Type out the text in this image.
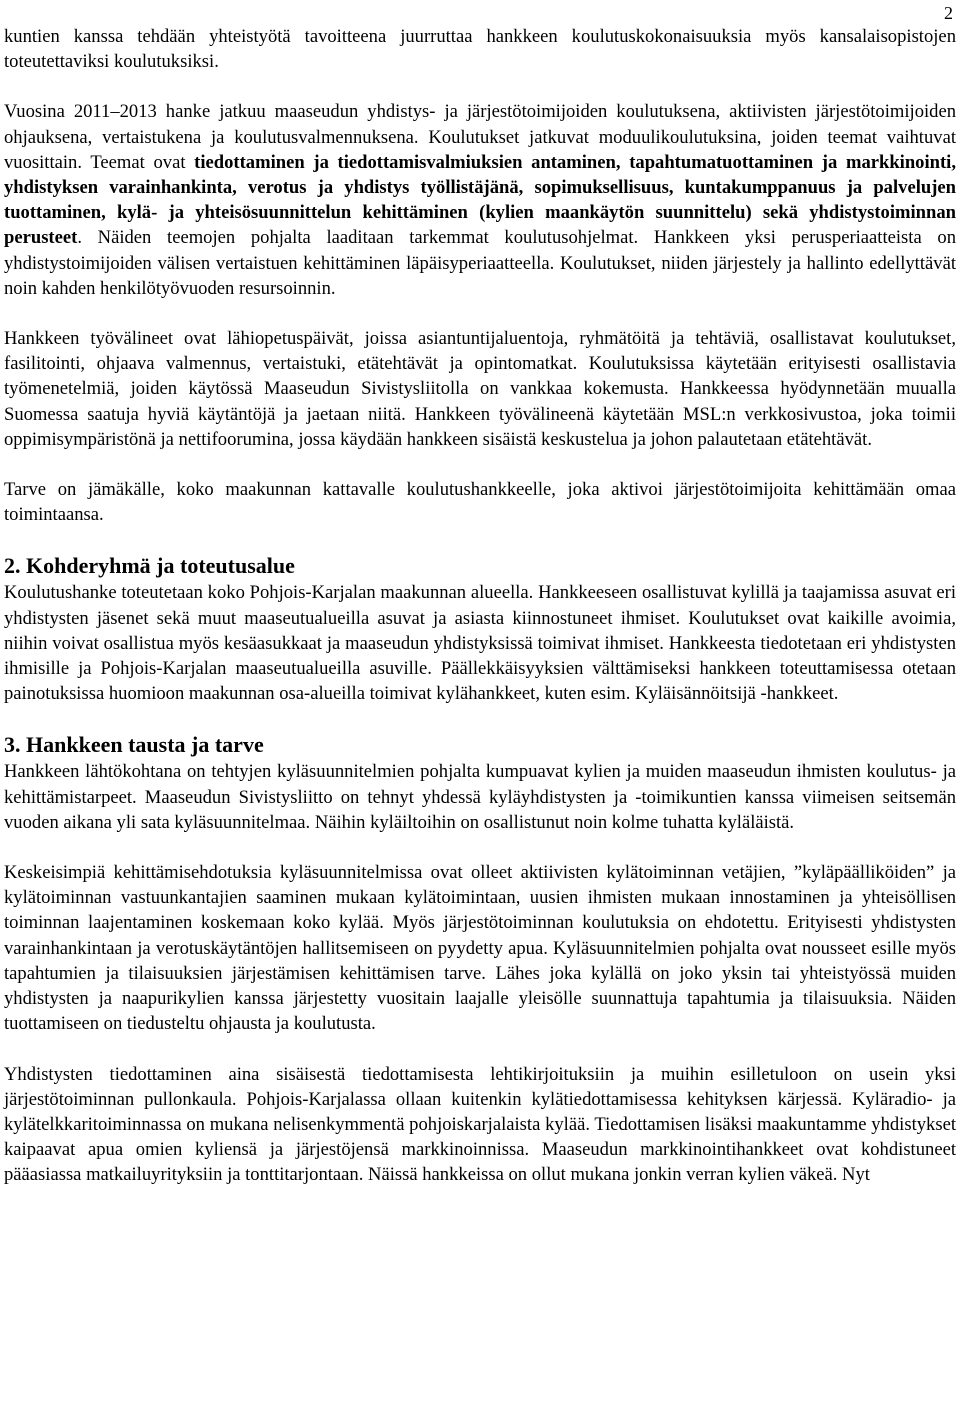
2

kuntien kanssa tehdään yhteistyötä tavoitteena juurruttaa hankkeen koulutuskokonaisuuksia myös kansalaisopistojen toteutettaviksi koulutuksiksi.

Vuosina 2011–2013 hanke jatkuu maaseudun yhdistys- ja järjestötoimijoiden koulutuksena, aktiivisten järjestötoimijoiden ohjauksena, vertaistukena ja koulutusvalmennuksena. Koulutukset jatkuvat moduulikoulutuksina, joiden teemat vaihtuvat vuosittain. Teemat ovat tiedottaminen ja tiedottamisvalmiuksien antaminen, tapahtumatuottaminen ja markkinointi, yhdistyksen varainhankinta, verotus ja yhdistys työllistäjänä, sopimuksellisuus, kuntakumppanuus ja palvelujen tuottaminen, kylä- ja yhteisösuunnittelun kehittäminen (kylien maankäytön suunnittelu) sekä yhdistystoiminnan perusteet. Näiden teemojen pohjalta laaditaan tarkemmat koulutusohjelmat. Hankkeen yksi perusperiaatteista on yhdistystoimijoiden välisen vertaistuen kehittäminen läpäisyperiaatteella. Koulutukset, niiden järjestely ja hallinto edellyttävät noin kahden henkilötyövuoden resursoinnin.

Hankkeen työvälineet ovat lähiopetuspäivät, joissa asiantuntijaluentoja, ryhmätöitä ja tehtäviä, osallistavat koulutukset, fasilitointi, ohjaava valmennus, vertaistuki, etätehtävät ja opintomatkat. Koulutuksissa käytetään erityisesti osallistavia työmenetelmiä, joiden käytössä Maaseudun Sivistysliitolla on vankkaa kokemusta. Hankkeessa hyödynnetään muualla Suomessa saatuja hyviä käytäntöjä ja jaetaan niitä. Hankkeen työvälineenä käytetään MSL:n verkkosivustoa, joka toimii oppimisympäristönä ja nettifoorumina, jossa käydään hankkeen sisäistä keskustelua ja johon palautetaan etätehtävät.

Tarve on jämäkälle, koko maakunnan kattavalle koulutushankkeelle, joka aktivoi järjestötoimijoita kehittämään omaa toimintaansa.

2. Kohderyhmä ja toteutusalue

Koulutushanke toteutetaan koko Pohjois-Karjalan maakunnan alueella. Hankkeeseen osallistuvat kylillä ja taajamissa asuvat eri yhdistysten jäsenet sekä muut maaseutualueilla asuvat ja asiasta kiinnostuneet ihmiset. Koulutukset ovat kaikille avoimia, niihin voivat osallistua myös kesäasukkaat ja maaseudun yhdistyksissä toimivat ihmiset. Hankkeesta tiedotetaan eri yhdistysten ihmisille ja Pohjois-Karjalan maaseutualueilla asuville. Päällekkäisyyksien välttämiseksi hankkeen toteuttamisessa otetaan painotuksissa huomioon maakunnan osa-alueilla toimivat kylähankkeet, kuten esim. Kyläisännöitsijä -hankkeet.

3. Hankkeen tausta ja tarve

Hankkeen lähtökohtana on tehtyjen kyläsuunnitelmien pohjalta kumpuavat kylien ja muiden maaseudun ihmisten koulutus- ja kehittämistarpeet. Maaseudun Sivistysliitto on tehnyt yhdessä kyläyhdistysten ja -toimikuntien kanssa viimeisen seitsemän vuoden aikana yli sata kyläsuunnitelmaa. Näihin kyläiltoihin on osallistunut noin kolme tuhatta kyläläistä.

Keskeisimpiä kehittämisehdotuksia kyläsuunnitelmissa ovat olleet aktiivisten kylätoiminnan vetäjien, ”kyläpäälliköiden” ja kylätoiminnan vastuunkantajien saaminen mukaan kylätoimintaan, uusien ihmisten mukaan innostaminen ja yhteisöllisen toiminnan laajentaminen koskemaan koko kylää. Myös järjestötoiminnan koulutuksia on ehdotettu. Erityisesti yhdistysten varainhankintaan ja verotuskäytäntöjen hallitsemiseen on pyydetty apua. Kyläsuunnitelmien pohjalta ovat nousseet esille myös tapahtumien ja tilaisuuksien järjestämisen kehittämisen tarve. Lähes joka kylällä on joko yksin tai yhteistyössä muiden yhdistysten ja naapurikylien kanssa järjestetty vuositain laajalle yleisölle suunnattuja tapahtumia ja tilaisuuksia. Näiden tuottamiseen on tiedusteltu ohjausta ja koulutusta.

Yhdistysten tiedottaminen aina sisäisestä tiedottamisesta lehtikirjoituksiin ja muihin esilletuloon on usein yksi järjestötoiminnan pullonkaula. Pohjois-Karjalassa ollaan kuitenkin kylätiedottamisessa kehityksen kärjessä. Kyläradio- ja kylätelkkaritoiminnassa on mukana nelisenkymmentä pohjoiskarjalaista kylää. Tiedottamisen lisäksi maakuntamme yhdistykset kaipaavat apua omien kyliensä ja järjestöjensä markkinoinnissa. Maaseudun markkinointihankkeet ovat kohdistuneet pääasiassa matkailuyrityksiin ja tonttitarjontaan. Näissä hankkeissa on ollut mukana jonkin verran kylien väkeä. Nyt
